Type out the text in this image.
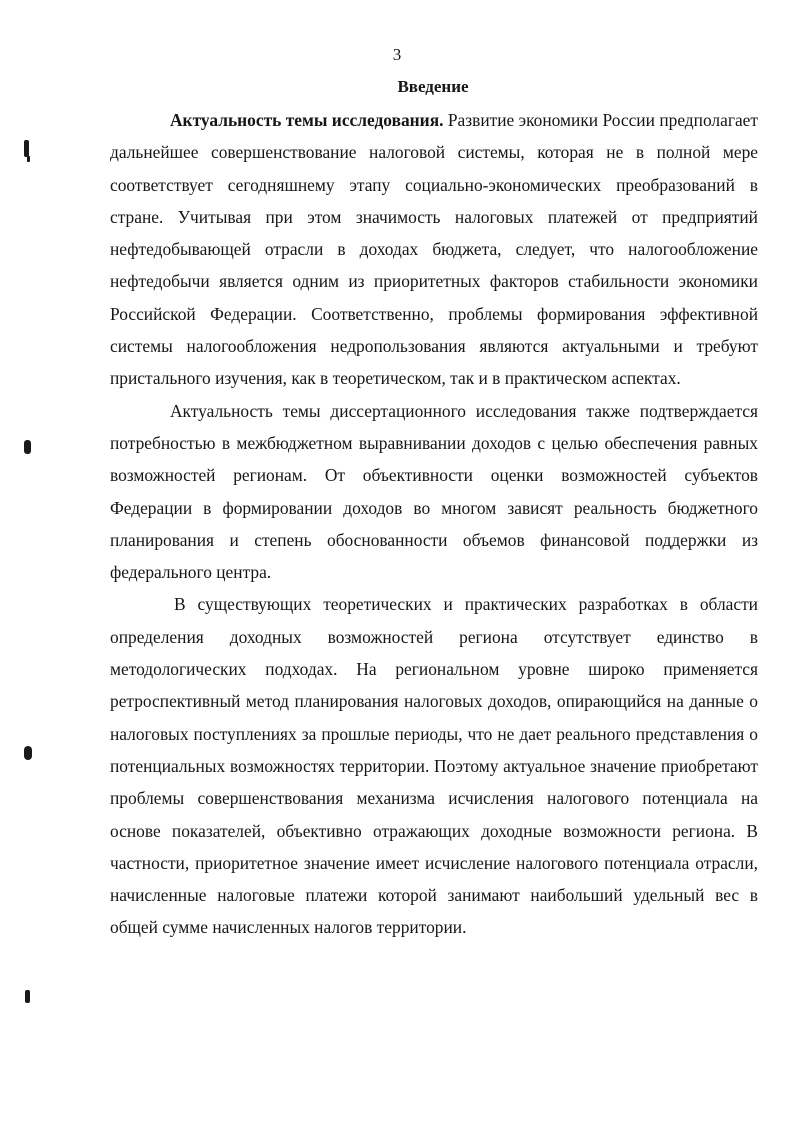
3
Введение

Актуальность темы исследования. Развитие экономики России предполагает дальнейшее совершенствование налоговой системы, которая не в полной мере соответствует сегодняшнему этапу социально-экономических преобразований в стране. Учитывая при этом значимость налоговых платежей от предприятий нефтедобывающей отрасли в доходах бюджета, следует, что налогообложение нефтедобычи является одним из приоритетных факторов стабильности экономики Российской Федерации. Соответственно, проблемы формирования эффективной системы налогообложения недропользования являются актуальными и требуют пристального изучения, как в теоретическом, так и в практическом аспектах.

Актуальность темы диссертационного исследования также подтверждается потребностью в межбюджетном выравнивании доходов с целью обеспечения равных возможностей регионам. От объективности оценки возможностей субъектов Федерации в формировании доходов во многом зависят реальность бюджетного планирования и степень обоснованности объемов финансовой поддержки из федерального центра.

В существующих теоретических и практических разработках в области определения доходных возможностей региона отсутствует единство в методологических подходах. На региональном уровне широко применяется ретроспективный метод планирования налоговых доходов, опирающийся на данные о налоговых поступлениях за прошлые периоды, что не дает реального представления о потенциальных возможностях территории. Поэтому актуальное значение приобретают проблемы совершенствования механизма исчисления налогового потенциала на основе показателей, объективно отражающих доходные возможности региона. В частности, приоритетное значение имеет исчисление налогового потенциала отрасли, начисленные налоговые платежи которой занимают наибольший удельный вес в общей сумме начисленных налогов территории.
